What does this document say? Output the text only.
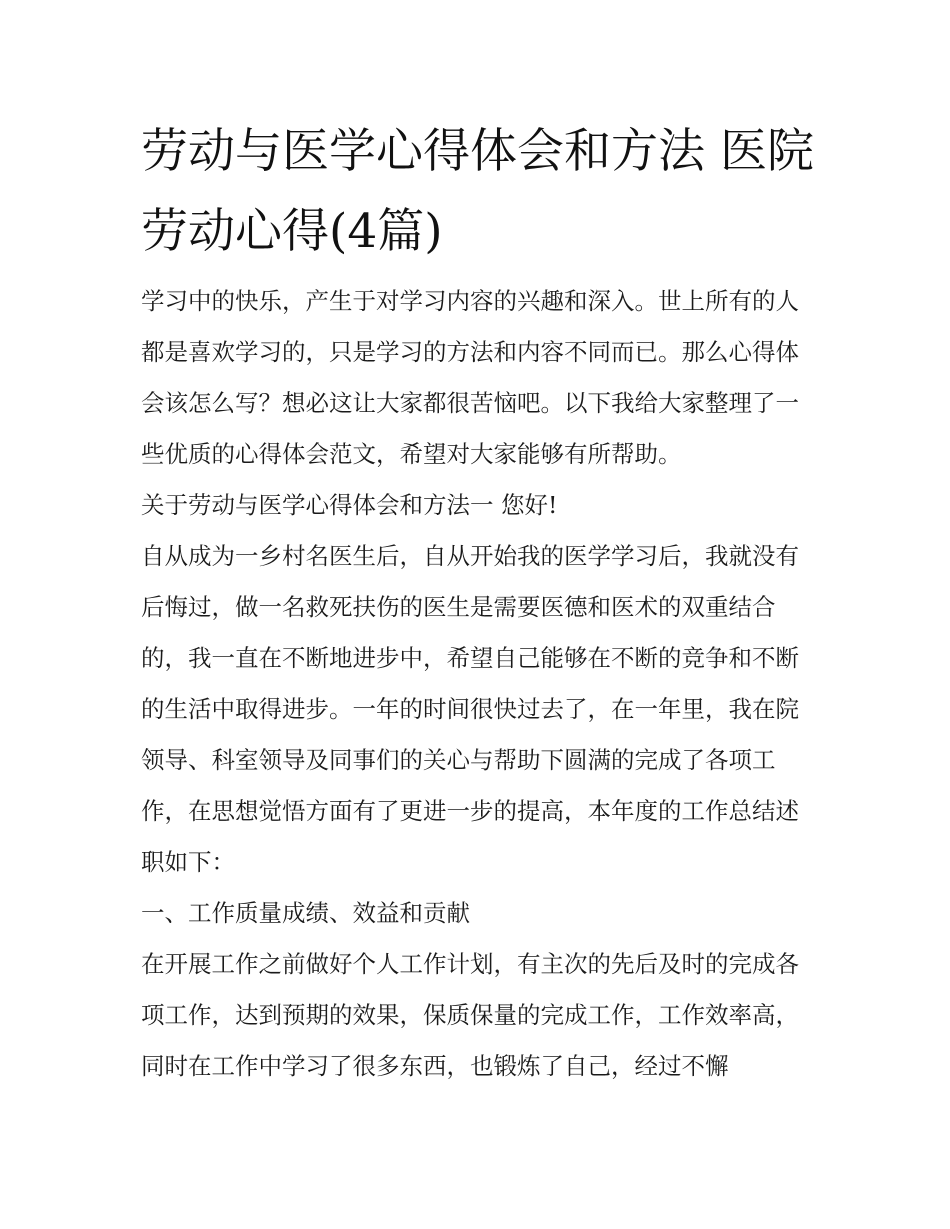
劳动与医学心得体会和方法 医院劳动心得(4篇)

学习中的快乐，产生于对学习内容的兴趣和深入。世上所有的人都是喜欢学习的，只是学习的方法和内容不同而已。那么心得体会该怎么写？想必这让大家都很苦恼吧。以下我给大家整理了一些优质的心得体会范文，希望对大家能够有所帮助。

关于劳动与医学心得体会和方法一 您好!

自从成为一乡村名医生后，自从开始我的医学学习后，我就没有后悔过，做一名救死扶伤的医生是需要医德和医术的双重结合的，我一直在不断地进步中，希望自己能够在不断的竞争和不断的生活中取得进步。一年的时间很快过去了，在一年里，我在院领导、科室领导及同事们的关心与帮助下圆满的完成了各项工作，在思想觉悟方面有了更进一步的提高，本年度的工作总结述职如下：

一、工作质量成绩、效益和贡献

在开展工作之前做好个人工作计划，有主次的先后及时的完成各项工作，达到预期的效果，保质保量的完成工作，工作效率高，同时在工作中学习了很多东西，也锻炼了自己，经过不懈
